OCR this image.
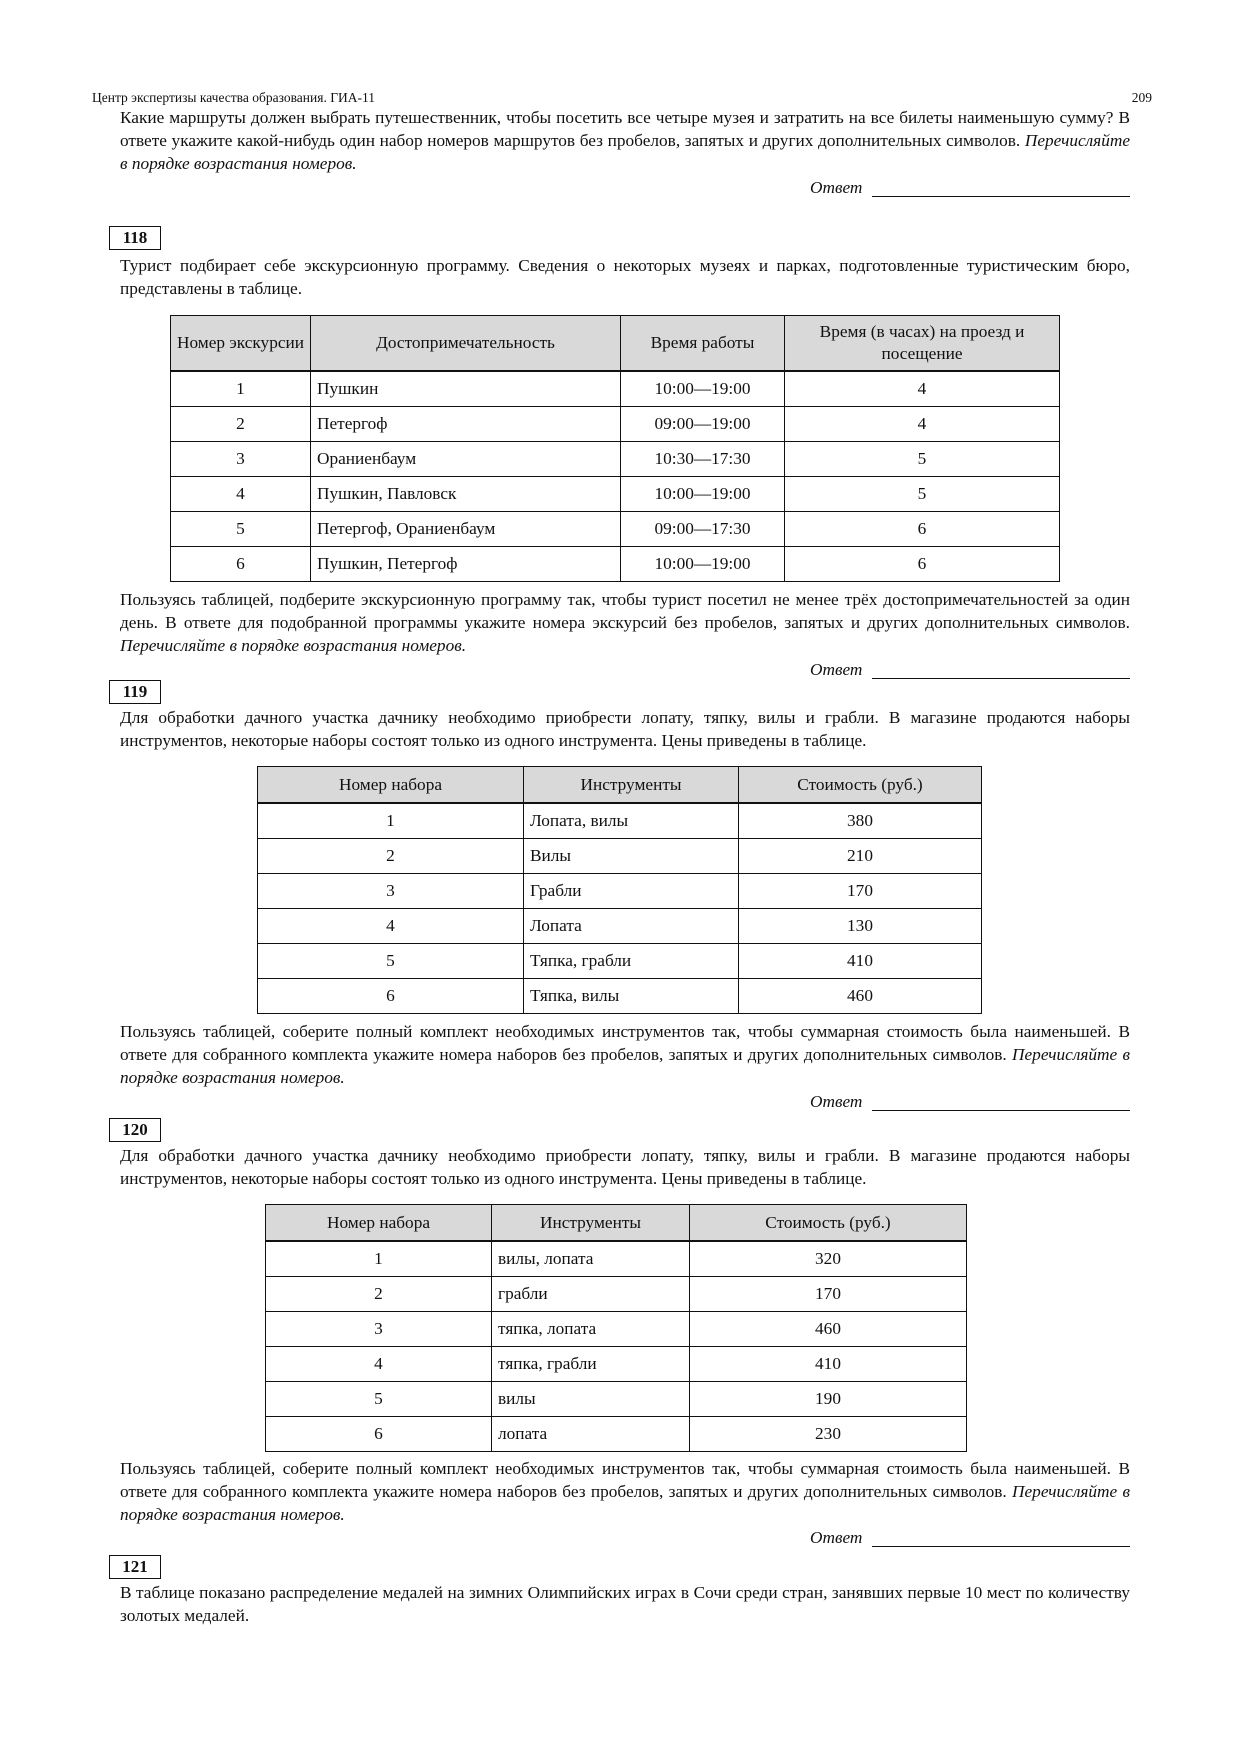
Центр экспертизы качества образования. ГИА-11	209
Какие маршруты должен выбрать путешественник, чтобы посетить все четыре музея и затратить на все билеты наименьшую сумму? В ответе укажите какой-нибудь один набор номеров маршрутов без пробелов, запятых и других дополнительных символов. Перечисляйте в порядке возрастания номеров.
Ответ
118
Турист подбирает себе экскурсионную программу. Сведения о некоторых музеях и парках, подготовленные туристическим бюро, представлены в таблице.
Номер экскурсии	Достопримечательность	Время работы	Время (в часах) на проезд и посещение
1	Пушкин	10:00—19:00	4
2	Петергоф	09:00—19:00	4
3	Ораниенбаум	10:30—17:30	5
4	Пушкин, Павловск	10:00—19:00	5
5	Петергоф, Ораниенбаум	09:00—17:30	6
6	Пушкин, Петергоф	10:00—19:00	6
Пользуясь таблицей, подберите экскурсионную программу так, чтобы турист посетил не менее трёх достопримечательностей за один день. В ответе для подобранной программы укажите номера экскурсий без пробелов, запятых и других дополнительных символов. Перечисляйте в порядке возрастания номеров.
Ответ
119
Для обработки дачного участка дачнику необходимо приобрести лопату, тяпку, вилы и грабли. В магазине продаются наборы инструментов, некоторые наборы состоят только из одного инструмента. Цены приведены в таблице.
Номер набора	Инструменты	Стоимость (руб.)
1	Лопата, вилы	380
2	Вилы	210
3	Грабли	170
4	Лопата	130
5	Тяпка, грабли	410
6	Тяпка, вилы	460
Пользуясь таблицей, соберите полный комплект необходимых инструментов так, чтобы суммарная стоимость была наименьшей. В ответе для собранного комплекта укажите номера наборов без пробелов, запятых и других дополнительных символов. Перечисляйте в порядке возрастания номеров.
Ответ
120
Для обработки дачного участка дачнику необходимо приобрести лопату, тяпку, вилы и грабли. В магазине продаются наборы инструментов, некоторые наборы состоят только из одного инструмента. Цены приведены в таблице.
Номер набора	Инструменты	Стоимость (руб.)
1	вилы, лопата	320
2	грабли	170
3	тяпка, лопата	460
4	тяпка, грабли	410
5	вилы	190
6	лопата	230
Пользуясь таблицей, соберите полный комплект необходимых инструментов так, чтобы суммарная стоимость была наименьшей. В ответе для собранного комплекта укажите номера наборов без пробелов, запятых и других дополнительных символов. Перечисляйте в порядке возрастания номеров.
Ответ
121
В таблице показано распределение медалей на зимних Олимпийских играх в Сочи среди стран, занявших первые 10 мест по количеству золотых медалей.
